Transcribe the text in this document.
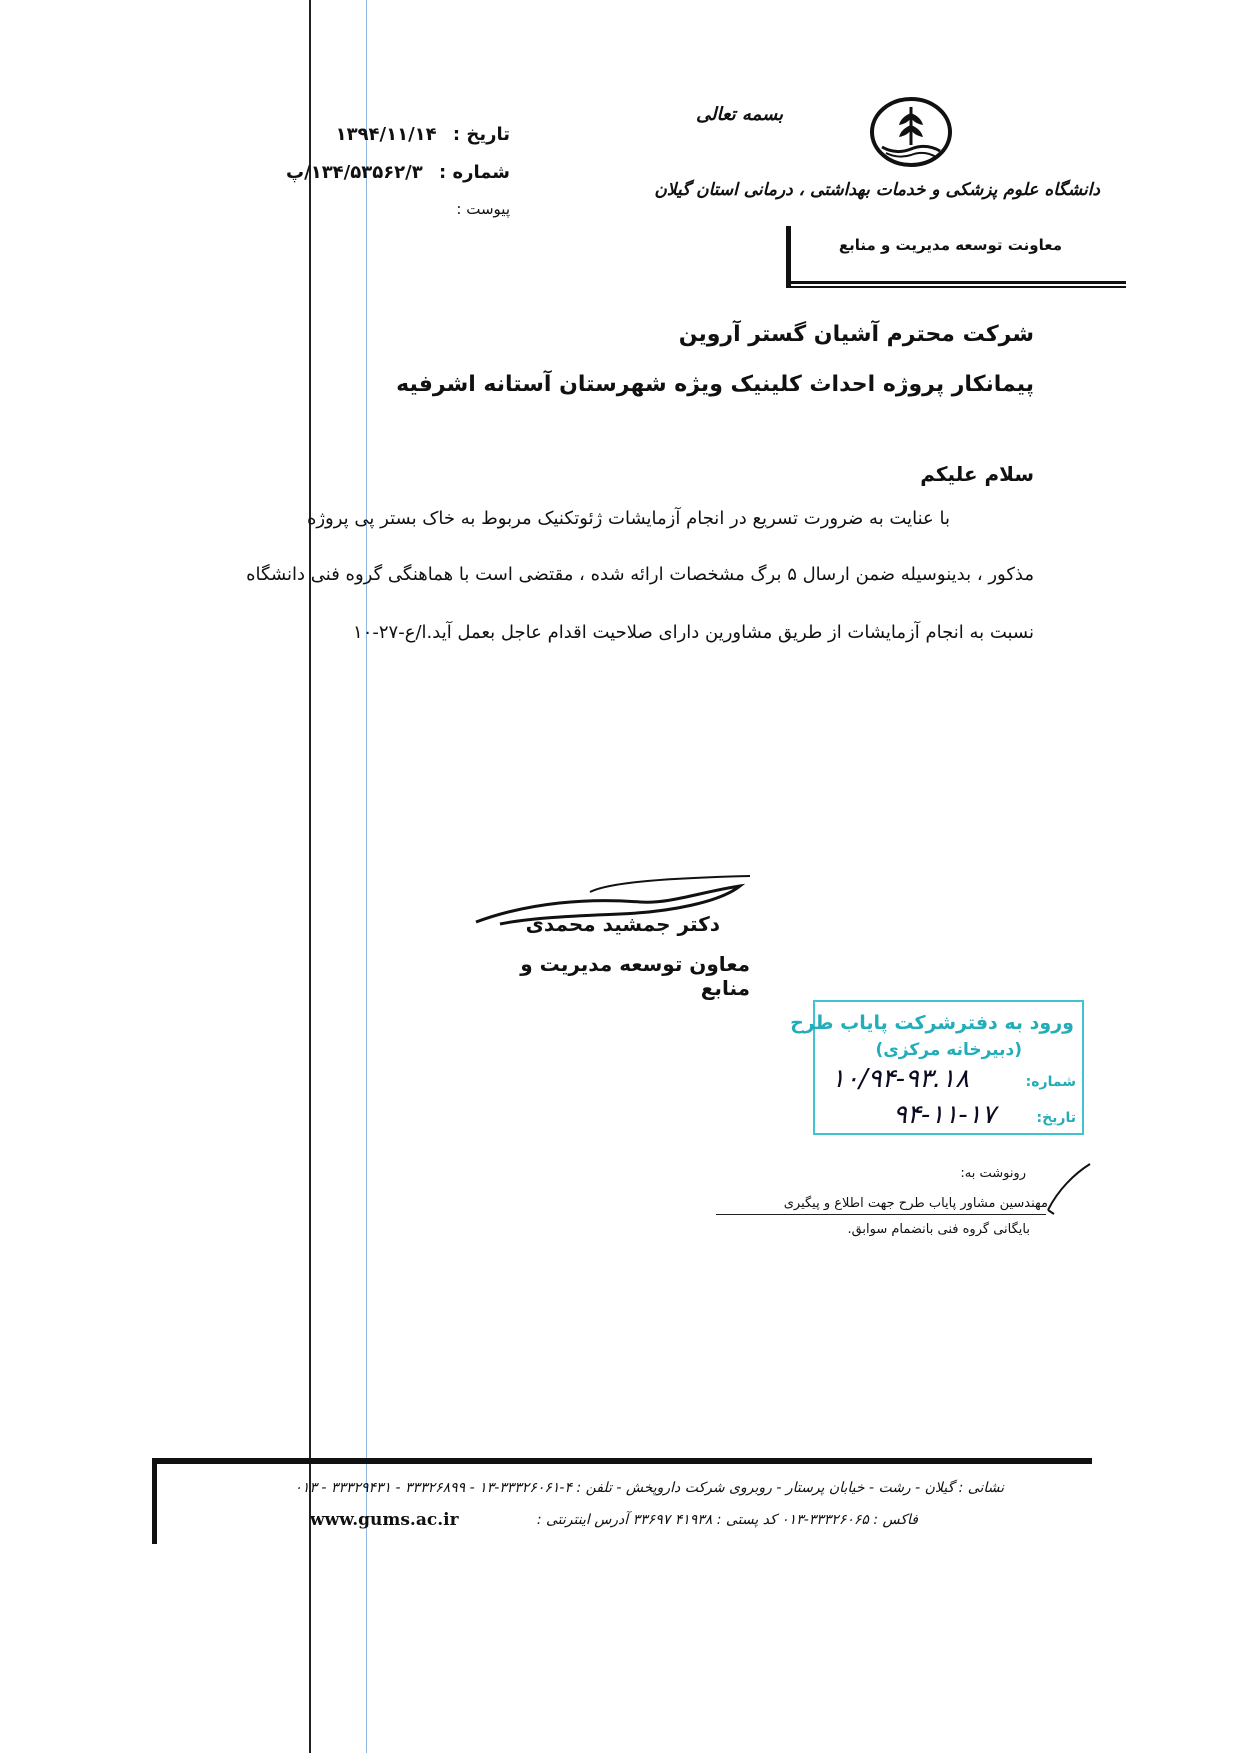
تاریخ : ۱۳۹۴/۱۱/۱۴
شماره : ۱۳۴/۵۳۵۶۲/۳/پ
پیوست :
بسمه تعالی
دانشگاه علوم پزشکی و خدمات بهداشتی ، درمانی استان گیلان
معاونت توسعه مدیریت و منابع
شرکت محترم آشیان گستر آروین
پیمانکار پروژه احداث کلینیک ویژه شهرستان آستانه اشرفیه
سلام علیکم
با عنایت به ضرورت تسریع در انجام آزمایشات ژئوتکنیک مربوط به خاک بستر پی پروژه
مذکور ، بدینوسیله ضمن ارسال ۵ برگ مشخصات ارائه شده ، مقتضی است با هماهنگی گروه فنی دانشگاه
نسبت به انجام آزمایشات از طریق مشاورین دارای صلاحیت اقدام عاجل بعمل آید.ا/ع-۲۷-۱۰
دکتر جمشید محمدی
معاون توسعه مدیریت و منابع
ورود به دفترشرکت پایاب طرح
(دبیرخانه مرکزی)
شماره:
۱۰/۹۴-۹۳.۱۸
تاریخ:
۹۴-۱۱-۱۷
رونوشت به:
مهندسین مشاور پایاب طرح جهت اطلاع و پیگیری
بایگانی گروه فنی بانضمام سوابق.
نشانی : گیلان - رشت - خیابان پرستار - روبروی شرکت داروپخش - تلفن : ۴-۳۳۳۲۶۰۶۱-۱۳ - ۳۳۳۲۶۸۹۹ - ۳۳۳۲۹۴۳۱ - ۰۱۳
فاکس : ۳۳۳۲۶۰۶۵-۰۱۳ کد پستی : ۴۱۹۳۸ ۳۳۶۹۷ آدرس اینترنتی :
www.gums.ac.ir
